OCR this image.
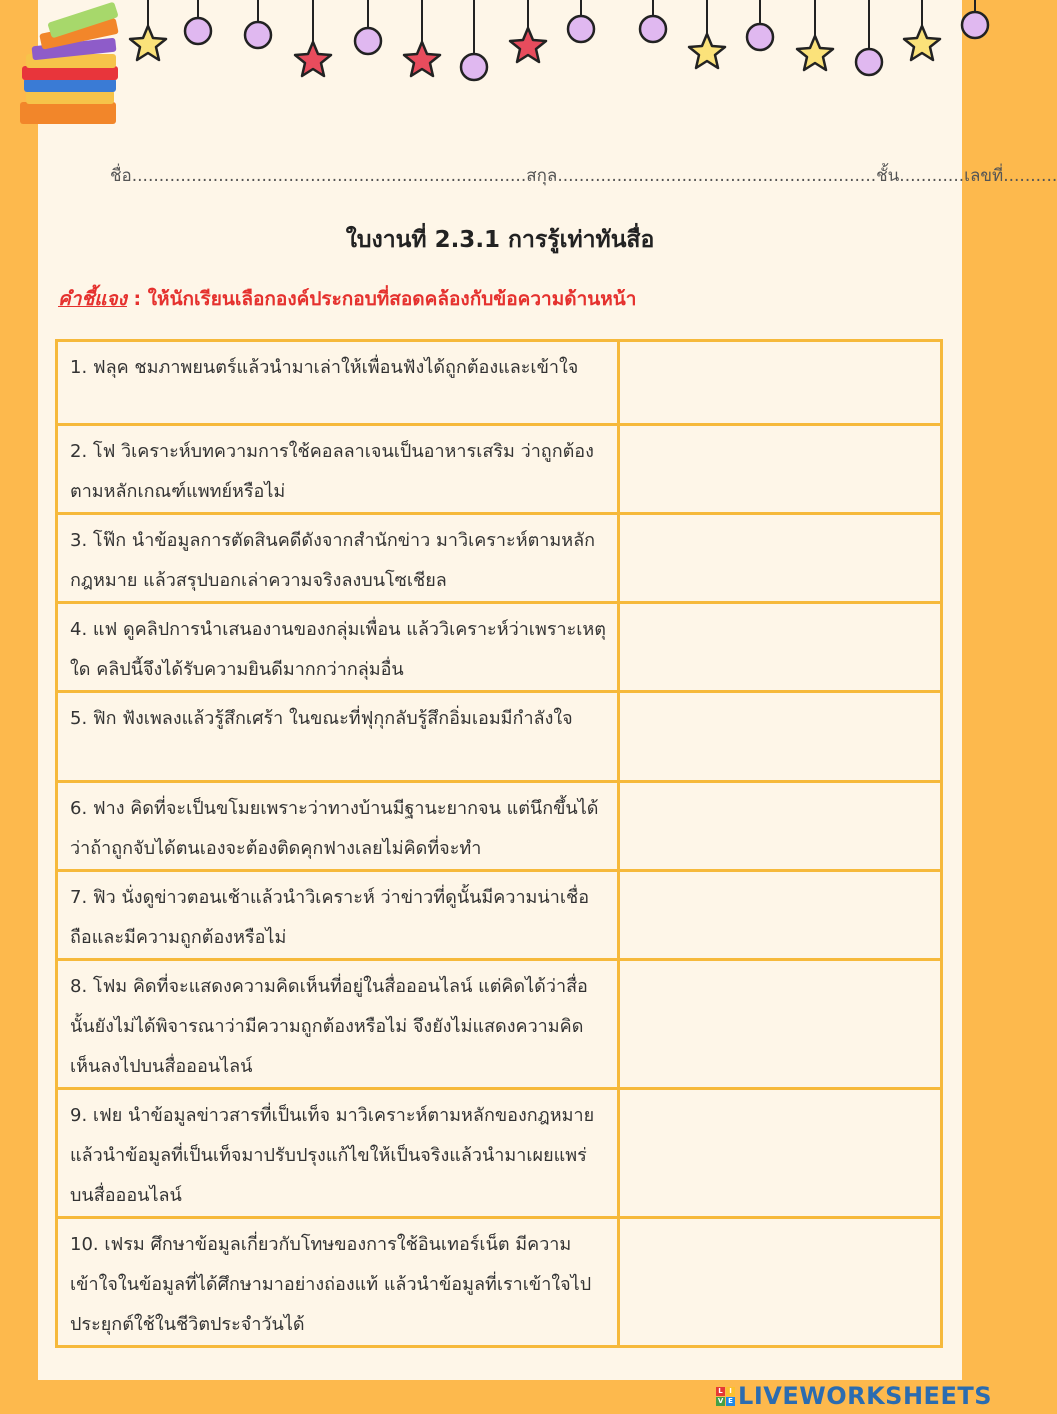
ชื่อ.........................................................................สกุล...........................................................ชั้น............เลขที่..........
ใบงานที่ 2.3.1 การรู้เท่าทันสื่อ
คำชี้แจง : ให้นักเรียนเลือกองค์ประกอบที่สอดคล้องกับข้อความด้านหน้า
1. ฟลุค ชมภาพยนตร์แล้วนำมาเล่าให้เพื่อนฟังได้ถูกต้องและเข้าใจ	
2. โฟ วิเคราะห์บทความการใช้คอลลาเจนเป็นอาหารเสริม ว่าถูกต้องตามหลักเกณฑ์แพทย์หรือไม่	
3. โฟ๊ก นำข้อมูลการตัดสินคดีดังจากสำนักข่าว มาวิเคราะห์ตามหลักกฎหมาย แล้วสรุปบอกเล่าความจริงลงบนโซเชียล	
4. แฟ ดูคลิปการนำเสนองานของกลุ่มเพื่อน แล้ววิเคราะห์ว่าเพราะเหตุใด คลิปนี้จึงได้รับความยินดีมากกว่ากลุ่มอื่น	
5. ฟิก ฟังเพลงแล้วรู้สึกเศร้า ในขณะที่ฟุกุกลับรู้สึกอิ่มเอมมีกำลังใจ	
6. ฟาง คิดที่จะเป็นขโมยเพราะว่าทางบ้านมีฐานะยากจน แต่นึกขึ้นได้ว่าถ้าถูกจับได้ตนเองจะต้องติดคุกฟางเลยไม่คิดที่จะทำ	
7. ฟิว นั่งดูข่าวตอนเช้าแล้วนำวิเคราะห์ ว่าข่าวที่ดูนั้นมีความน่าเชื่อถือและมีความถูกต้องหรือไม่	
8. โฟม คิดที่จะแสดงความคิดเห็นที่อยู่ในสื่อออนไลน์ แต่คิดได้ว่าสื่อนั้นยังไม่ได้พิจารณาว่ามีความถูกต้องหรือไม่ จึงยังไม่แสดงความคิดเห็นลงไปบนสื่อออนไลน์	
9. เฟย นำข้อมูลข่าวสารที่เป็นเท็จ มาวิเคราะห์ตามหลักของกฎหมายแล้วนำข้อมูลที่เป็นเท็จมาปรับปรุงแก้ไขให้เป็นจริงแล้วนำมาเผยแพร่บนสื่อออนไลน์	
10. เฟรม ศึกษาข้อมูลเกี่ยวกับโทษของการใช้อินเทอร์เน็ต มีความเข้าใจในข้อมูลที่ได้ศึกษามาอย่างถ่องแท้ แล้วนำข้อมูลที่เราเข้าใจไปประยุกต์ใช้ในชีวิตประจำวันได้	
L I
V E LIVEWORKSHEETS
